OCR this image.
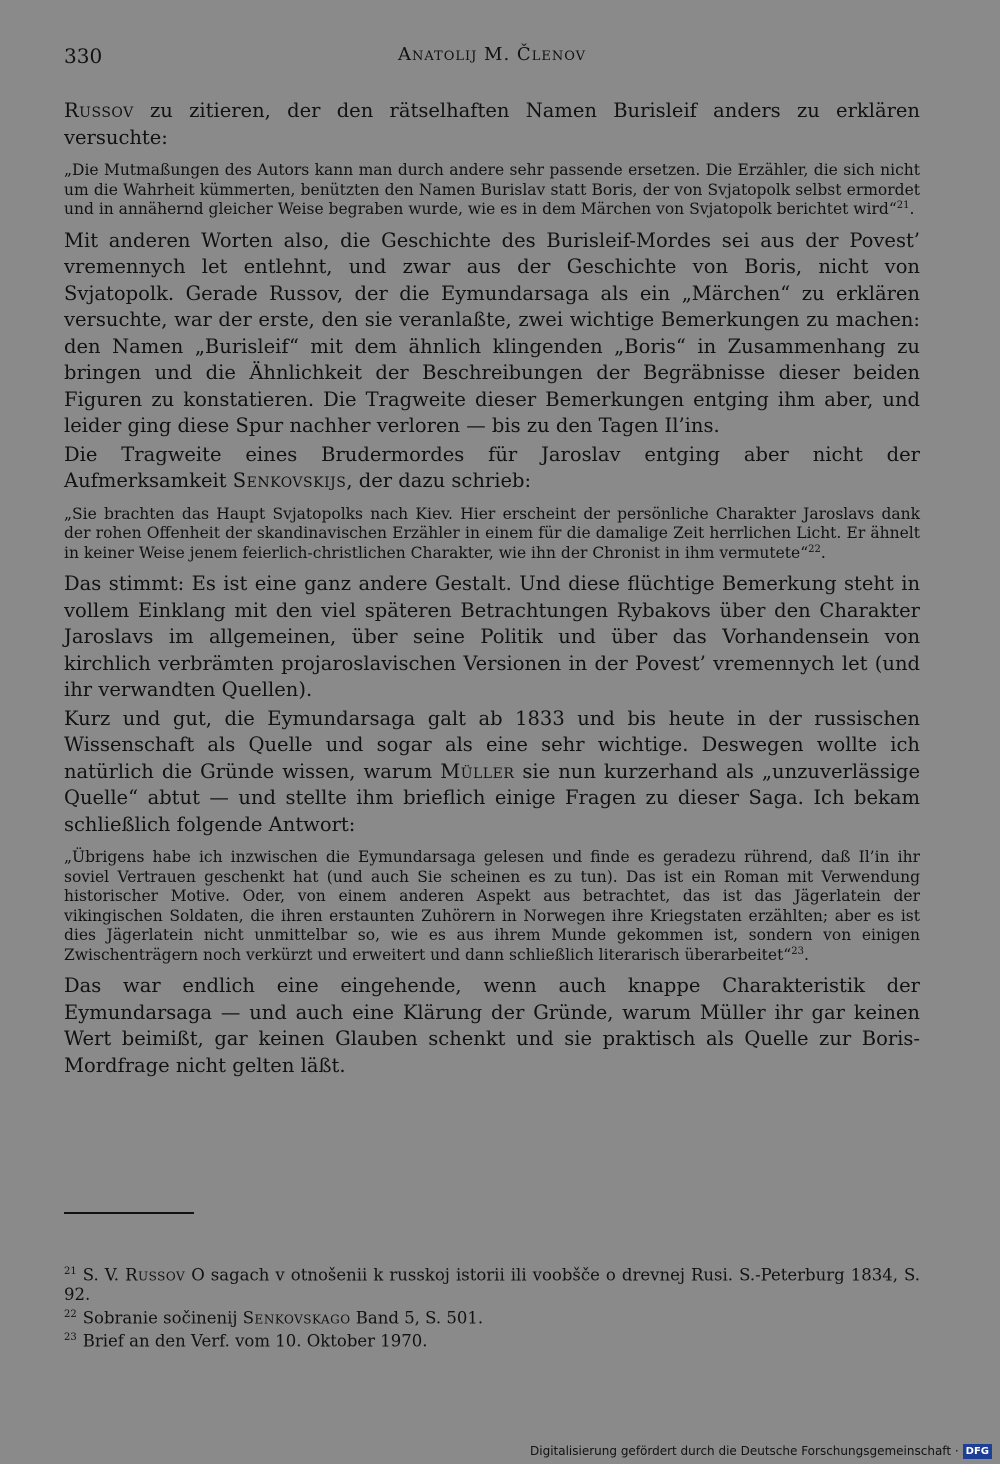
330	Anatolij M. Členov

Russov zu zitieren, der den rätselhaften Namen Burisleif anders zu erklären versuchte:

„Die Mutmaßungen des Autors kann man durch andere sehr passende ersetzen. Die Erzähler, die sich nicht um die Wahrheit kümmerten, benützten den Namen Burislav statt Boris, der von Svjatopolk selbst ermordet und in annähernd gleicher Weise begraben wurde, wie es in dem Märchen von Svjatopolk berichtet wird“$^{21}$.

Mit anderen Worten also, die Geschichte des Burisleif-Mordes sei aus der Povest’ vremennych let entlehnt, und zwar aus der Geschichte von Boris, nicht von Svjatopolk. Gerade Russov, der die Eymundarsaga als ein „Märchen“ zu erklären versuchte, war der erste, den sie veranlaßte, zwei wichtige Bemerkungen zu machen: den Namen „Burisleif“ mit dem ähnlich klingenden „Boris“ in Zusammenhang zu bringen und die Ähnlichkeit der Beschreibungen der Begräbnisse dieser beiden Figuren zu konstatieren. Die Tragweite dieser Bemerkungen entging ihm aber, und leider ging diese Spur nachher verloren — bis zu den Tagen Il’ins.

Die Tragweite eines Brudermordes für Jaroslav entging aber nicht der Aufmerksamkeit Senkovskijs, der dazu schrieb:

„Sie brachten das Haupt Svjatopolks nach Kiev. Hier erscheint der persönliche Charakter Jaroslavs dank der rohen Offenheit der skandinavischen Erzähler in einem für die damalige Zeit herrlichen Licht. Er ähnelt in keiner Weise jenem feierlich-christlichen Charakter, wie ihn der Chronist in ihm vermutete“$^{22}$.

Das stimmt: Es ist eine ganz andere Gestalt. Und diese flüchtige Bemerkung steht in vollem Einklang mit den viel späteren Betrachtungen Rybakovs über den Charakter Jaroslavs im allgemeinen, über seine Politik und über das Vorhandensein von kirchlich verbrämten projaroslavischen Versionen in der Povest’ vremennych let (und ihr verwandten Quellen).

Kurz und gut, die Eymundarsaga galt ab 1833 und bis heute in der russischen Wissenschaft als Quelle und sogar als eine sehr wichtige. Deswegen wollte ich natürlich die Gründe wissen, warum Müller sie nun kurzerhand als „unzuverlässige Quelle“ abtut — und stellte ihm brieflich einige Fragen zu dieser Saga. Ich bekam schließlich folgende Antwort:

„Übrigens habe ich inzwischen die Eymundarsaga gelesen und finde es geradezu rührend, daß Il’in ihr soviel Vertrauen geschenkt hat (und auch Sie scheinen es zu tun). Das ist ein Roman mit Verwendung historischer Motive. Oder, von einem anderen Aspekt aus betrachtet, das ist das Jägerlatein der vikingischen Soldaten, die ihren erstaunten Zuhörern in Norwegen ihre Kriegstaten erzählten; aber es ist dies Jägerlatein nicht unmittelbar so, wie es aus ihrem Munde gekommen ist, sondern von einigen Zwischenträgern noch verkürzt und erweitert und dann schließlich literarisch überarbeitet“$^{23}$.

Das war endlich eine eingehende, wenn auch knappe Charakteristik der Eymundarsaga — und auch eine Klärung der Gründe, warum Müller ihr gar keinen Wert beimißt, gar keinen Glauben schenkt und sie praktisch als Quelle zur Boris-Mordfrage nicht gelten läßt.

$^{21}$ S. V. Russov O sagach v otnošenii k russkoj istorii ili voobšče o drevnej Rusi. S.-Peterburg 1834, S. 92.

$^{22}$ Sobranie sočinenij Senkovskago Band 5, S. 501.

$^{23}$ Brief an den Verf. vom 10. Oktober 1970.

Digitalisierung gefördert durch die Deutsche Forschungsgemeinschaft · DFG
